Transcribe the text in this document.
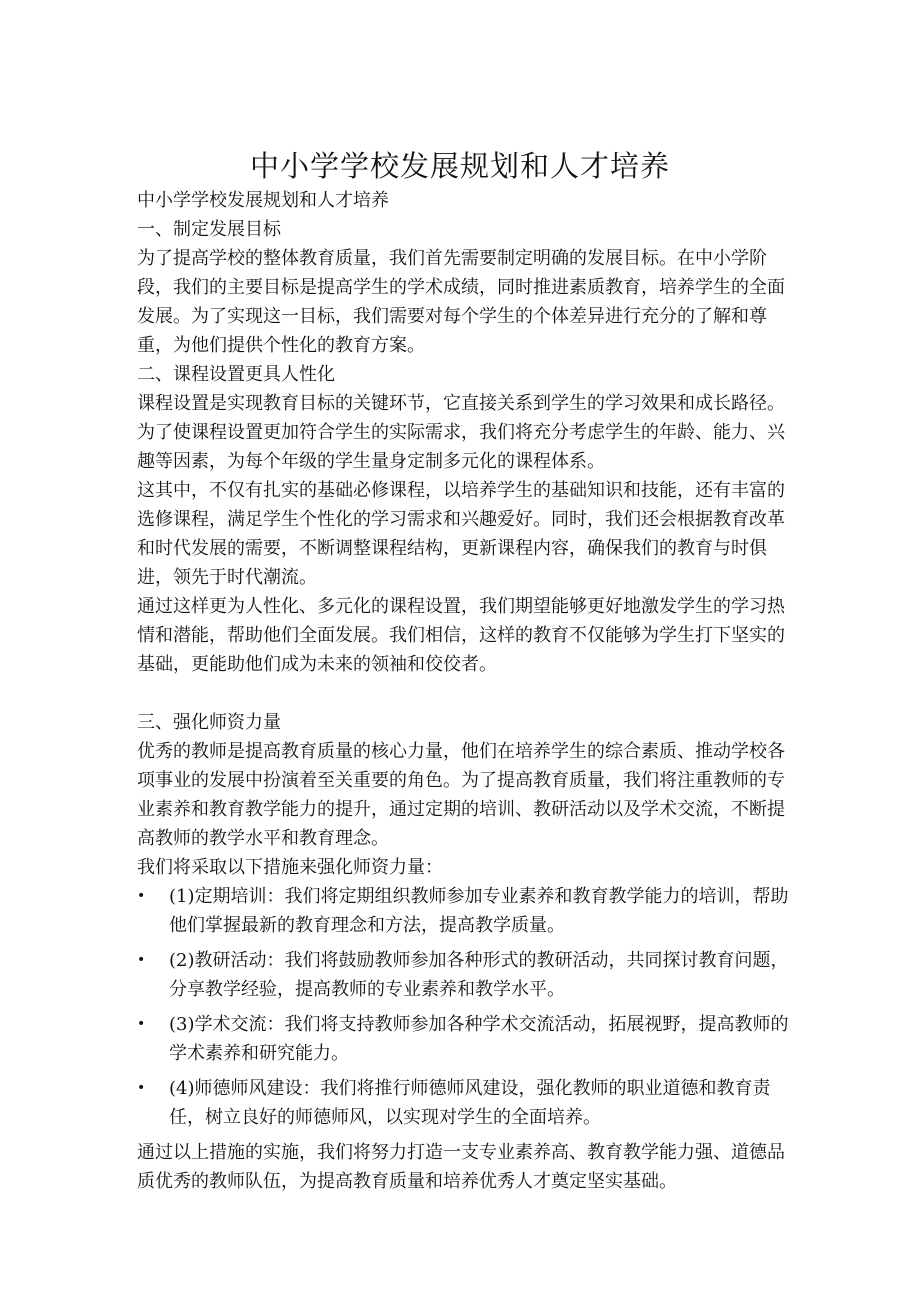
中小学学校发展规划和人才培养

中小学学校发展规划和人才培养

一、制定发展目标

为了提高学校的整体教育质量，我们首先需要制定明确的发展目标。在中小学阶段，我们的主要目标是提高学生的学术成绩，同时推进素质教育，培养学生的全面发展。为了实现这一目标，我们需要对每个学生的个体差异进行充分的了解和尊重，为他们提供个性化的教育方案。

二、课程设置更具人性化

课程设置是实现教育目标的关键环节，它直接关系到学生的学习效果和成长路径。为了使课程设置更加符合学生的实际需求，我们将充分考虑学生的年龄、能力、兴趣等因素，为每个年级的学生量身定制多元化的课程体系。

这其中，不仅有扎实的基础必修课程，以培养学生的基础知识和技能，还有丰富的选修课程，满足学生个性化的学习需求和兴趣爱好。同时，我们还会根据教育改革和时代发展的需要，不断调整课程结构，更新课程内容，确保我们的教育与时俱进，领先于时代潮流。

通过这样更为人性化、多元化的课程设置，我们期望能够更好地激发学生的学习热情和潜能，帮助他们全面发展。我们相信，这样的教育不仅能够为学生打下坚实的基础，更能助他们成为未来的领袖和佼佼者。

三、强化师资力量

优秀的教师是提高教育质量的核心力量，他们在培养学生的综合素质、推动学校各项事业的发展中扮演着至关重要的角色。为了提高教育质量，我们将注重教师的专业素养和教育教学能力的提升，通过定期的培训、教研活动以及学术交流，不断提高教师的教学水平和教育理念。

我们将采取以下措施来强化师资力量：

• (1)定期培训：我们将定期组织教师参加专业素养和教育教学能力的培训，帮助他们掌握最新的教育理念和方法，提高教学质量。
• (2)教研活动：我们将鼓励教师参加各种形式的教研活动，共同探讨教育问题，分享教学经验，提高教师的专业素养和教学水平。
• (3)学术交流：我们将支持教师参加各种学术交流活动，拓展视野，提高教师的学术素养和研究能力。
• (4)师德师风建设：我们将推行师德师风建设，强化教师的职业道德和教育责任，树立良好的师德师风，以实现对学生的全面培养。

通过以上措施的实施，我们将努力打造一支专业素养高、教育教学能力强、道德品质优秀的教师队伍，为提高教育质量和培养优秀人才奠定坚实基础。
